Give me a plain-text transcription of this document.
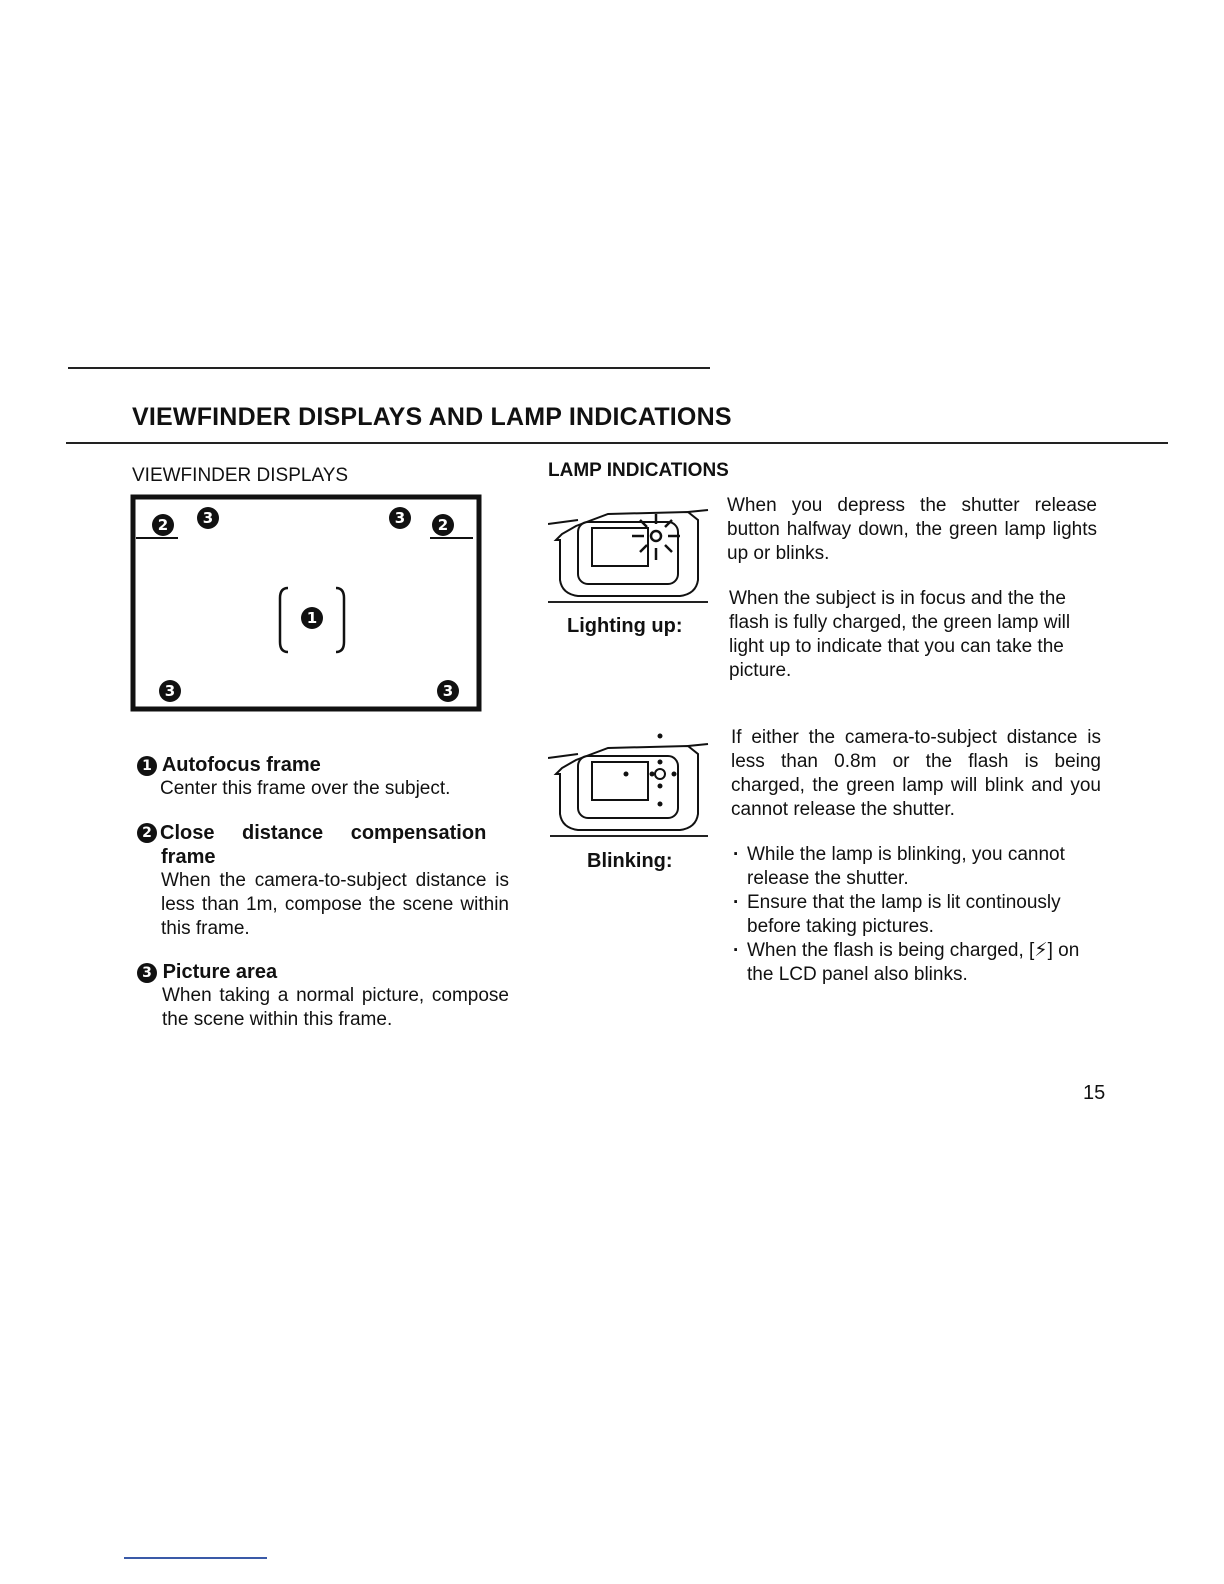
VIEWFINDER DISPLAYS AND LAMP INDICATIONS
VIEWFINDER DISPLAYS
2 3	3 2
1
3	3
1 Autofocus frame
Center this frame over the subject.
2 Close distance compensation
frame
When the camera-to-subject distance is less than 1m, compose the scene within this frame.
3 Picture area
When taking a normal picture, compose the scene within this frame.
LAMP INDICATIONS
Lighting up:
When you depress the shutter release button halfway down, the green lamp lights up or blinks.
When the subject is in focus and the the flash is fully charged, the green lamp will light up to indicate that you can take the picture.
Blinking:
If either the camera-to-subject distance is less than 0.8m or the flash is being charged, the green lamp will blink and you cannot release the shutter.
· While the lamp is blinking, you cannot release the shutter.
· Ensure that the lamp is lit continously before taking pictures.
· When the flash is being charged, [⚡] on the LCD panel also blinks.
15
